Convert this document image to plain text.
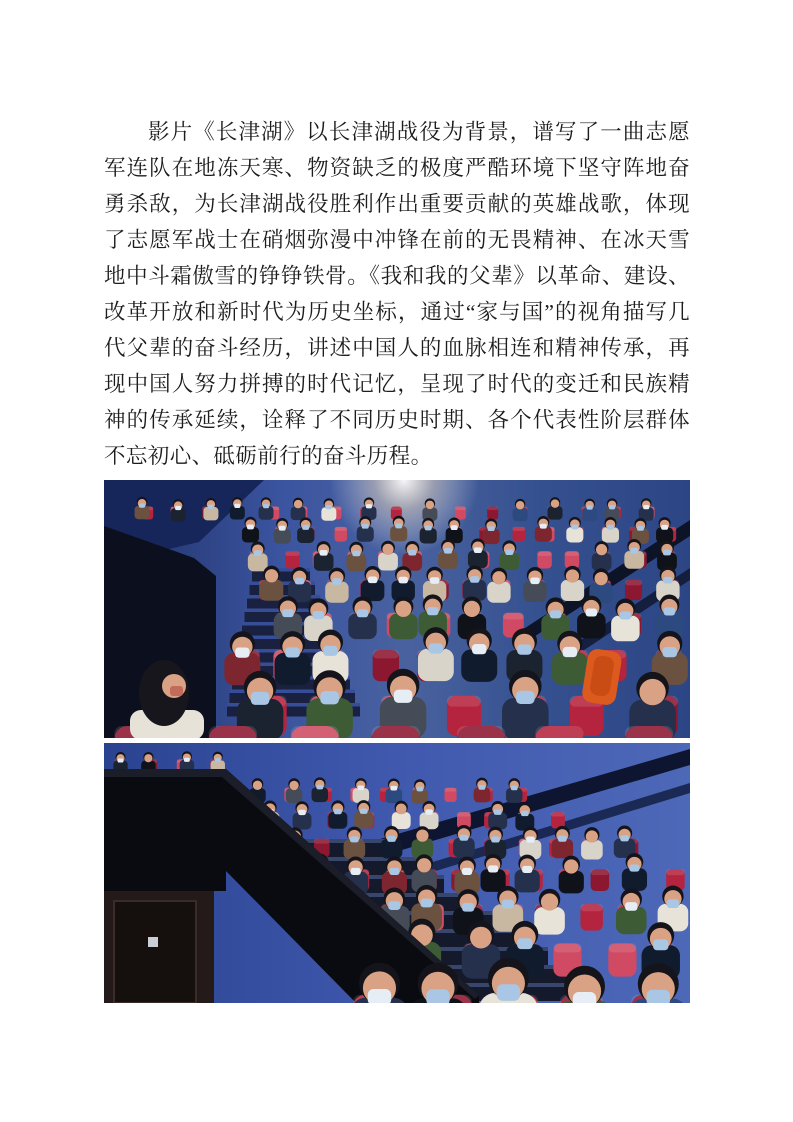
影片《长津湖》以长津湖战役为背景，谱写了一曲志愿军连队在地冻天寒、物资缺乏的极度严酷环境下坚守阵地奋勇杀敌，为长津湖战役胜利作出重要贡献的英雄战歌，体现了志愿军战士在硝烟弥漫中冲锋在前的无畏精神、在冰天雪地中斗霜傲雪的铮铮铁骨。《我和我的父辈》以革命、建设、改革开放和新时代为历史坐标，通过“家与国”的视角描写几代父辈的奋斗经历，讲述中国人的血脉相连和精神传承，再现中国人努力拼搏的时代记忆，呈现了时代的变迁和民族精神的传承延续，诠释了不同历史时期、各个代表性阶层群体不忘初心、砥砺前行的奋斗历程。
